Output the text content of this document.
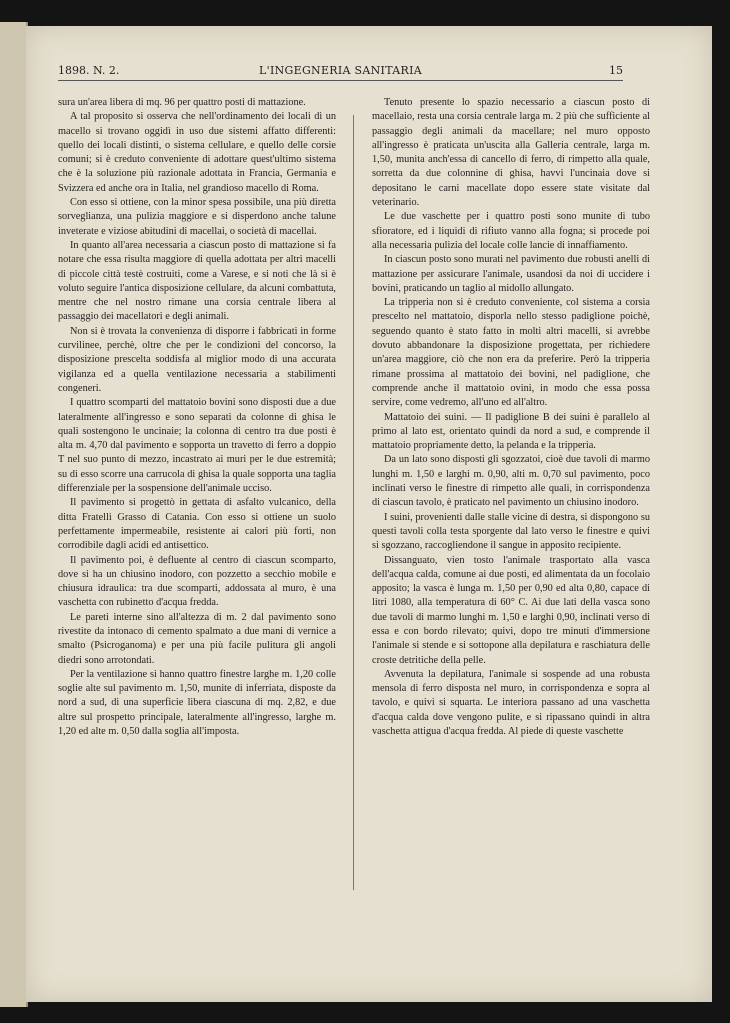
1898. N. 2.	L'INGEGNERIA SANITARIA	15

sura un'area libera di mq. 96 per quattro posti di mattazione.

A tal proposito si osserva che nell'ordinamento dei locali di un macello si trovano oggidì in uso due sistemi affatto differenti: quello dei locali distinti, o sistema cellulare, e quello delle corsie comuni; si è creduto conveniente di adottare quest'ultimo sistema che è la soluzione più razionale adottata in Francia, Germania e Svizzera ed anche ora in Italia, nel grandioso macello di Roma.

Con esso si ottiene, con la minor spesa possibile, una più diretta sorveglianza, una pulizia maggiore e si disperdono anche talune inveterate e viziose abitudini di macellai, o società di macellai.

In quanto all'area necessaria a ciascun posto di mattazione si fa notare che essa risulta maggiore di quella adottata per altri macelli di piccole città testè costruiti, come a Varese, e si noti che là si è voluto seguire l'antica disposizione cellulare, da alcuni combattuta, mentre che nel nostro rimane una corsia centrale libera al passaggio dei macellatori e degli animali.

Non si è trovata la convenienza di disporre i fabbricati in forme curvilinee, perchè, oltre che per le condizioni del concorso, la disposizione prescelta soddisfa al miglior modo di una accurata vigilanza ed a quella ventilazione necessaria a stabilimenti congeneri.

I quattro scomparti del mattatoio bovini sono disposti due a due lateralmente all'ingresso e sono separati da colonne di ghisa le quali sostengono le uncinaie; la colonna di centro tra due posti è alta m. 4,70 dal pavimento e sopporta un travetto di ferro a doppio T nel suo punto di mezzo, incastrato ai muri per le due estremità; su di esso scorre una carrucola di ghisa la quale sopporta una taglia differenziale per la sospensione dell'animale ucciso.

Il pavimento si progettò in gettata di asfalto vulcanico, della ditta Fratelli Grasso di Catania. Con esso si ottiene un suolo perfettamente impermeabile, resistente ai calori più forti, non corrodibile dagli acidi ed antisettico.

Il pavimento poi, è defluente al centro di ciascun scomparto, dove si ha un chiusino inodoro, con pozzetto a secchio mobile e chiusura idraulica: tra due scomparti, addossata al muro, è una vaschetta con rubinetto d'acqua fredda.

Le pareti interne sino all'altezza di m. 2 dal pavimento sono rivestite da intonaco di cemento spalmato a due mani di vernice a smalto (Psicroganoma) e per una più facile pulitura gli angoli diedri sono arrotondati.

Per la ventilazione si hanno quattro finestre larghe m. 1,20 colle soglie alte sul pavimento m. 1,50, munite di inferriata, disposte da nord a sud, di una superficie libera ciascuna di mq. 2,82, e due altre sul prospetto principale, lateralmente all'ingresso, larghe m. 1,20 ed alte m. 0,50 dalla soglia all'imposta.

Tenuto presente lo spazio necessario a ciascun posto di macellaio, resta una corsia centrale larga m. 2 più che sufficiente al passaggio degli animali da macellare; nel muro opposto all'ingresso è praticata un'uscita alla Galleria centrale, larga m. 1,50, munita anch'essa di cancello di ferro, di rimpetto alla quale, sorretta da due colonnine di ghisa, havvi l'uncinaia dove si depositano le carni macellate dopo essere state visitate dal veterinario.

Le due vaschette per i quattro posti sono munite di tubo sfioratore, ed i liquidi di rifiuto vanno alla fogna; si procede poi alla necessaria pulizia del locale colle lancie di innaffiamento.

In ciascun posto sono murati nel pavimento due robusti anelli di mattazione per assicurare l'animale, usandosi da noi di uccidere i bovini, praticando un taglio al midollo allungato.

La tripperia non si è creduto conveniente, col sistema a corsia prescelto nel mattatoio, disporla nello stesso padiglione poichè, seguendo quanto è stato fatto in molti altri macelli, si avrebbe dovuto abbandonare la disposizione progettata, per richiedere un'area maggiore, ciò che non era da preferire. Però la tripperia rimane prossima al mattatoio dei bovini, nel padiglione, che comprende anche il mattatoio ovini, in modo che essa possa servire, come vedremo, all'uno ed all'altro.

Mattatoio dei suini. — Il padiglione B dei suini è parallelo al primo al lato est, orientato quindi da nord a sud, e comprende il mattatoio propriamente detto, la pelanda e la tripperia.

Da un lato sono disposti gli sgozzatoi, cioè due tavoli di marmo lunghi m. 1,50 e larghi m. 0,90, alti m. 0,70 sul pavimento, poco inclinati verso le finestre di rimpetto alle quali, in corrispondenza di ciascun tavolo, è praticato nel pavimento un chiusino inodoro.

I suini, provenienti dalle stalle vicine di destra, si dispongono su questi tavoli colla testa sporgente dal lato verso le finestre e quivi si sgozzano, raccogliendone il sangue in apposito recipiente.

Dissanguato, vien tosto l'animale trasportato alla vasca dell'acqua calda, comune ai due posti, ed alimentata da un focolaio apposito; la vasca è lunga m. 1,50 per 0,90 ed alta 0,80, capace di litri 1080, alla temperatura di 60° C. Ai due lati della vasca sono due tavoli di marmo lunghi m. 1,50 e larghi 0,90, inclinati verso di essa e con bordo rilevato; quivi, dopo tre minuti d'immersione l'animale si stende e si sottopone alla depilatura e raschiatura delle croste detritiche della pelle.

Avvenuta la depilatura, l'animale si sospende ad una robusta mensola di ferro disposta nel muro, in corrispondenza e sopra al tavolo, e quivi si squarta. Le interiora passano ad una vaschetta d'acqua calda dove vengono pulite, e si ripassano quindi in altra vaschetta attigua d'acqua fredda. Al piede di queste vaschette
